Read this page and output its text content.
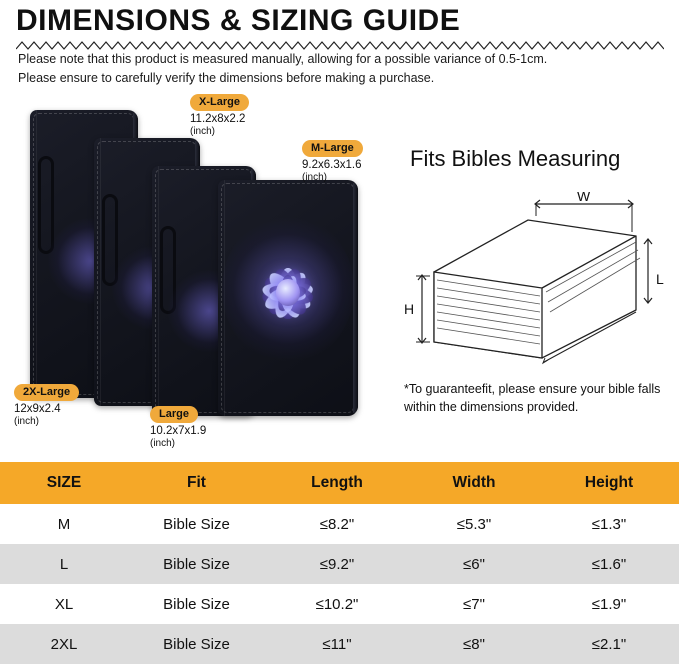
DIMENSIONS & SIZING GUIDE
Please note that this product is measured manually, allowing for a possible variance of 0.5-1cm.
Please ensure to carefully verify the dimensions before making a purchase.
X-Large
11.2x8x2.2
(inch)
M-Large
9.2x6.3x1.6
(inch)
2X-Large
12x9x2.4
(inch)
Large
10.2x7x1.9
(inch)
Fits Bibles Measuring
W
H
L
*To guaranteefit, please ensure your bible falls within the dimensions provided.
SIZE	Fit	Length	Width	Height
M	Bible Size	≤8.2"	≤5.3"	≤1.3"
L	Bible Size	≤9.2"	≤6"	≤1.6"
XL	Bible Size	≤10.2"	≤7"	≤1.9"
2XL	Bible Size	≤11"	≤8"	≤2.1"
